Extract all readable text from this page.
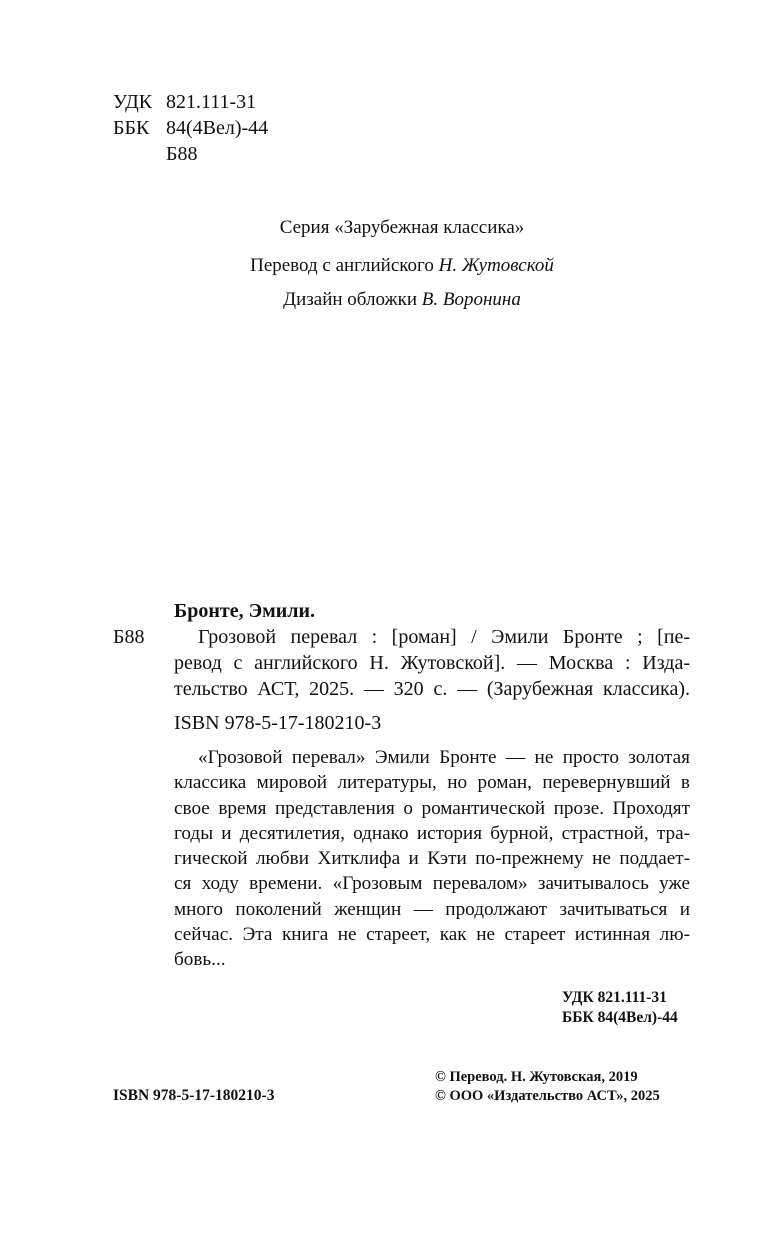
УДК 821.111-31
ББК 84(4Вел)-44
Б88
Серия «Зарубежная классика»
Перевод с английского Н. Жутовской
Дизайн обложки В. Воронина
Бронте, Эмили.
Б88	Грозовой перевал : [роман] / Эмили Бронте ; [пе-
ревод с английского Н. Жутовской]. — Москва : Изда-
тельство АСТ, 2025. — 320 с. — (Зарубежная классика).
ISBN 978-5-17-180210-3
«Грозовой перевал» Эмили Бронте — не просто золотая
классика мировой литературы, но роман, перевернувший в
свое время представления о романтической прозе. Проходят
годы и десятилетия, однако история бурной, страстной, тра-
гической любви Хитклифа и Кэти по-прежнему не поддает-
ся ходу времени. «Грозовым перевалом» зачитывалось уже
много поколений женщин — продолжают зачитываться и
сейчас. Эта книга не стареет, как не стареет истинная лю-
бовь...
УДК 821.111-31
ББК 84(4Вел)-44
ISBN 978-5-17-180210-3
© Перевод. Н. Жутовская, 2019
© ООО «Издательство АСТ», 2025
